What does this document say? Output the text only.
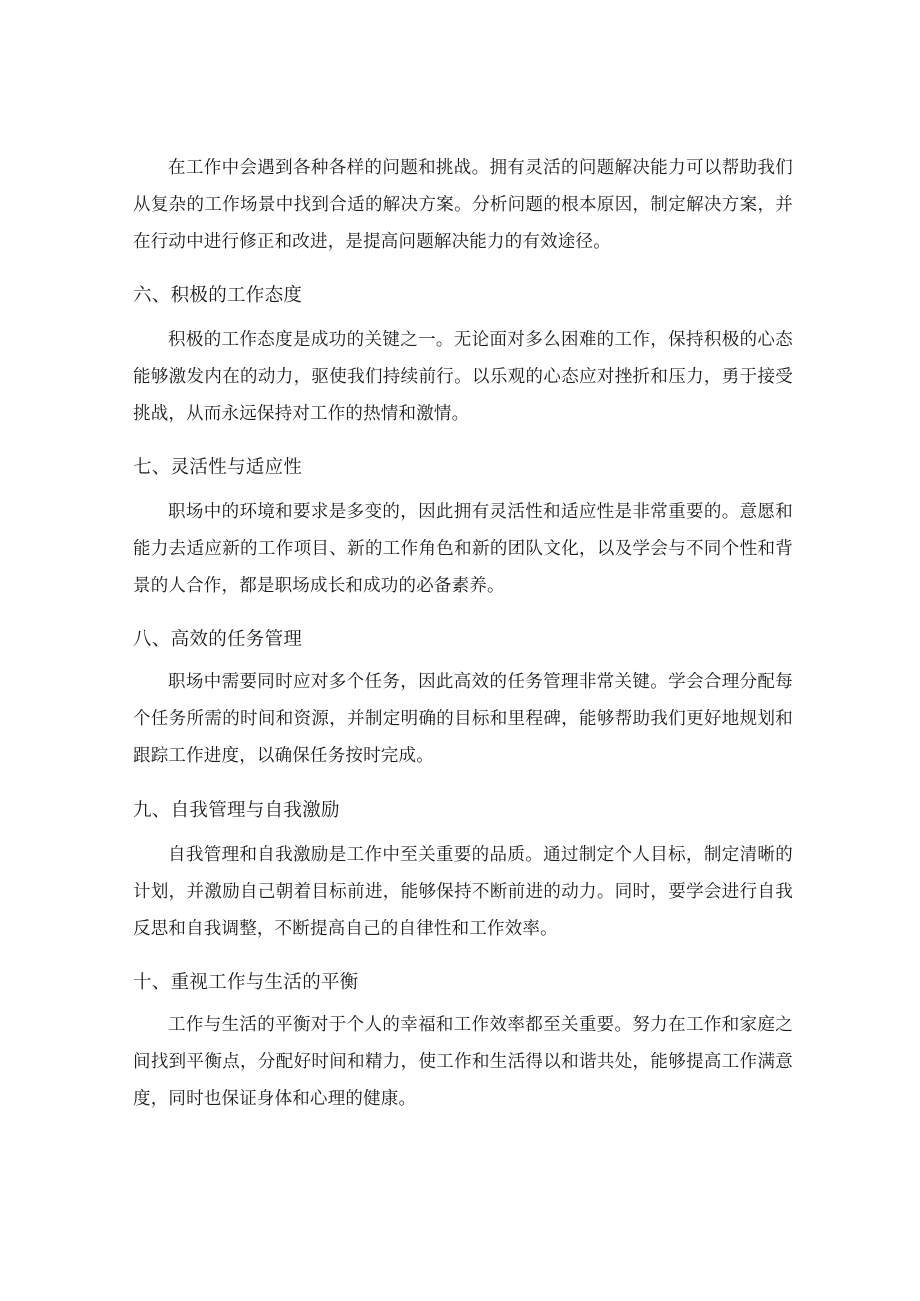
在工作中会遇到各种各样的问题和挑战。拥有灵活的问题解决能力可以帮助我们从复杂的工作场景中找到合适的解决方案。分析问题的根本原因，制定解决方案，并在行动中进行修正和改进，是提高问题解决能力的有效途径。

六、积极的工作态度

积极的工作态度是成功的关键之一。无论面对多么困难的工作，保持积极的心态能够激发内在的动力，驱使我们持续前行。以乐观的心态应对挫折和压力，勇于接受挑战，从而永远保持对工作的热情和激情。

七、灵活性与适应性

职场中的环境和要求是多变的，因此拥有灵活性和适应性是非常重要的。意愿和能力去适应新的工作项目、新的工作角色和新的团队文化，以及学会与不同个性和背景的人合作，都是职场成长和成功的必备素养。

八、高效的任务管理

职场中需要同时应对多个任务，因此高效的任务管理非常关键。学会合理分配每个任务所需的时间和资源，并制定明确的目标和里程碑，能够帮助我们更好地规划和跟踪工作进度，以确保任务按时完成。

九、自我管理与自我激励

自我管理和自我激励是工作中至关重要的品质。通过制定个人目标，制定清晰的计划，并激励自己朝着目标前进，能够保持不断前进的动力。同时，要学会进行自我反思和自我调整，不断提高自己的自律性和工作效率。

十、重视工作与生活的平衡

工作与生活的平衡对于个人的幸福和工作效率都至关重要。努力在工作和家庭之间找到平衡点，分配好时间和精力，使工作和生活得以和谐共处，能够提高工作满意度，同时也保证身体和心理的健康。
